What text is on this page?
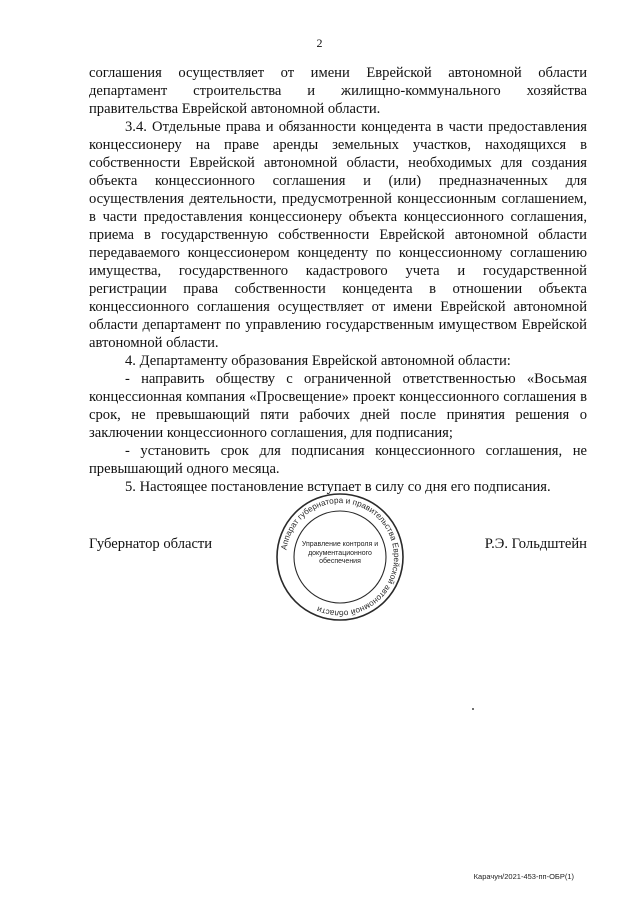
2

соглашения осуществляет от имени Еврейской автономной области департамент строительства и жилищно-коммунального хозяйства правительства Еврейской автономной области.

3.4. Отдельные права и обязанности концедента в части предоставления концессионеру на праве аренды земельных участков, находящихся в собственности Еврейской автономной области, необходимых для создания объекта концессионного соглашения и (или) предназначенных для осуществления деятельности, предусмотренной концессионным соглашением, в части предоставления концессионеру объекта концессионного соглашения, приема в государственную собственности Еврейской автономной области передаваемого концессионером концеденту по концессионному соглашению имущества, государственного кадастрового учета и государственной регистрации права собственности концедента в отношении объекта концессионного соглашения осуществляет от имени Еврейской автономной области департамент по управлению государственным имуществом Еврейской автономной области.

4. Департаменту образования Еврейской автономной области:

- направить обществу с ограниченной ответственностью «Восьмая концессионная компания «Просвещение» проект концессионного соглашения в срок, не превышающий пяти рабочих дней после принятия решения о заключении концессионного соглашения, для подписания;

- установить срок для подписания концессионного соглашения, не превышающий одного месяца.

5. Настоящее постановление вступает в силу со дня его подписания.

Губернатор области	Р.Э. Гольдштейн
Аппарат губернатора и правительства Еврейской автономной области
Управление контроля и документационного обеспечения
Карачун/2021-453-пп-ОБР(1)
